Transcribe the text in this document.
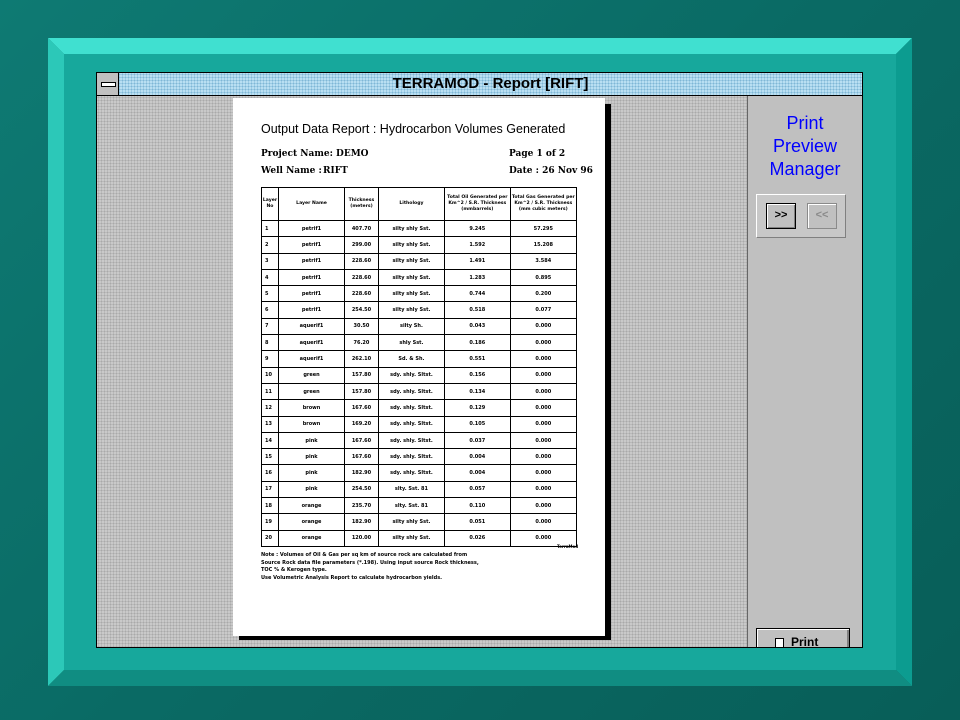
TERRAMOD - Report [RIFT]
Output Data Report : Hydrocarbon Volumes Generated
Project Name: DEMO	Page 1 of 2
Well Name : RIFT	Date : 26 Nov 96
Layer No	Layer Name	Thickness (meters)	Lithology	Total Oil Generated per Km^2 / S.R. Thickness (mmbarrels)	Total Gas Generated per Km^2 / S.R. Thickness (mm cubic meters)
1	petrif1	407.70	silty shly Sst.	9.245	57.295
2	petrif1	299.00	silty shly Sst.	1.592	15.208
3	petrif1	228.60	silty shly Sst.	1.491	3.584
4	petrif1	228.60	silty shly Sst.	1.283	0.895
5	petrif1	228.60	silty shly Sst.	0.744	0.200
6	petrif1	254.50	silty shly Sst.	0.518	0.077
7	aquerif1	30.50	silty Sh.	0.043	0.000
8	aquerif1	76.20	shly Sst.	0.186	0.000
9	aquerif1	262.10	Sd. & Sh.	0.551	0.000
10	green	157.80	sdy. shly. Sltst.	0.156	0.000
11	green	157.80	sdy. shly. Sltst.	0.134	0.000
12	brown	167.60	sdy. shly. Sltst.	0.129	0.000
13	brown	169.20	sdy. shly. Sltst.	0.105	0.000
14	pink	167.60	sdy. shly. Sltst.	0.037	0.000
15	pink	167.60	sdy. shly. Sltst.	0.004	0.000
16	pink	182.90	sdy. shly. Sltst.	0.004	0.000
17	pink	254.50	slty. Sst. 81	0.057	0.000
18	orange	235.70	slty. Sst. 81	0.110	0.000
19	orange	182.90	silty shly Sst.	0.051	0.000
20	orange	120.00	silty shly Sst.	0.026	0.000
TerraMod
Note : Volumes of Oil & Gas per sq km of source rock are calculated from
Source Rock data file parameters (*.198). Using input source Rock thickness,
TOC % & Kerogen type.
Use Volumetric Analysis Report to calculate hydrocarbon yields.
Print
Preview
Manager
>>	<<
Print
